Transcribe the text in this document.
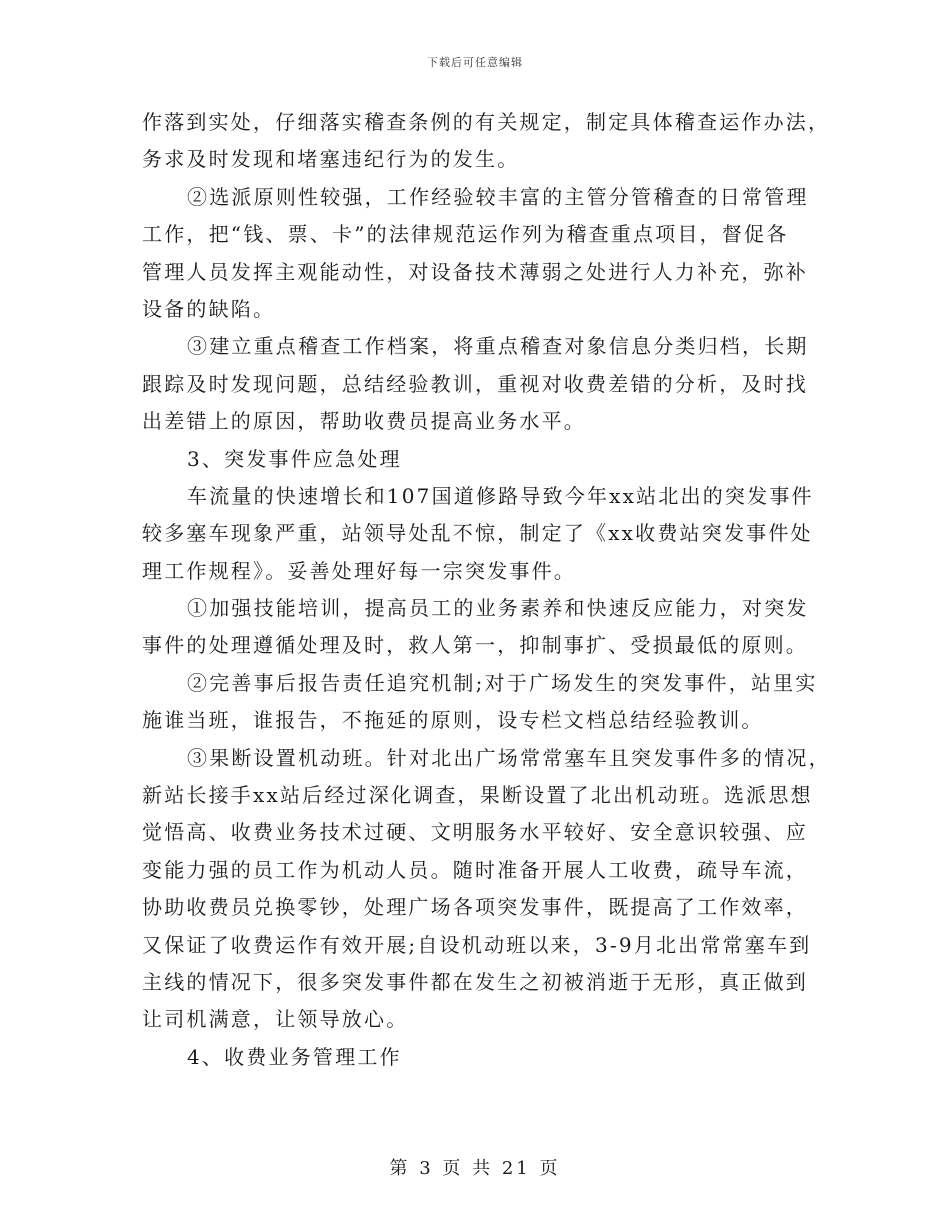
下载后可任意编辑
作落到实处，仔细落实稽查条例的有关规定，制定具体稽查运作办法，
务求及时发现和堵塞违纪行为的发生。
②选派原则性较强，工作经验较丰富的主管分管稽查的日常管理
工作，把“钱、票、卡”的法律规范运作列为稽查重点项目，督促各
管理人员发挥主观能动性，对设备技术薄弱之处进行人力补充，弥补
设备的缺陷。
③建立重点稽查工作档案，将重点稽查对象信息分类归档，长期
跟踪及时发现问题，总结经验教训，重视对收费差错的分析，及时找
出差错上的原因，帮助收费员提高业务水平。
3、突发事件应急处理
车流量的快速增长和107国道修路导致今年xx站北出的突发事件
较多塞车现象严重，站领导处乱不惊，制定了《xx收费站突发事件处
理工作规程》。妥善处理好每一宗突发事件。
①加强技能培训，提高员工的业务素养和快速反应能力，对突发
事件的处理遵循处理及时，救人第一，抑制事扩、受损最低的原则。
②完善事后报告责任追究机制;对于广场发生的突发事件，站里实
施谁当班，谁报告，不拖延的原则，设专栏文档总结经验教训。
③果断设置机动班。针对北出广场常常塞车且突发事件多的情况，
新站长接手xx站后经过深化调查，果断设置了北出机动班。选派思想
觉悟高、收费业务技术过硬、文明服务水平较好、安全意识较强、应
变能力强的员工作为机动人员。随时准备开展人工收费，疏导车流，
协助收费员兑换零钞，处理广场各项突发事件，既提高了工作效率，
又保证了收费运作有效开展;自设机动班以来，3-9月北出常常塞车到
主线的情况下，很多突发事件都在发生之初被消逝于无形，真正做到
让司机满意，让领导放心。
4、收费业务管理工作
第 3 页 共 21 页
